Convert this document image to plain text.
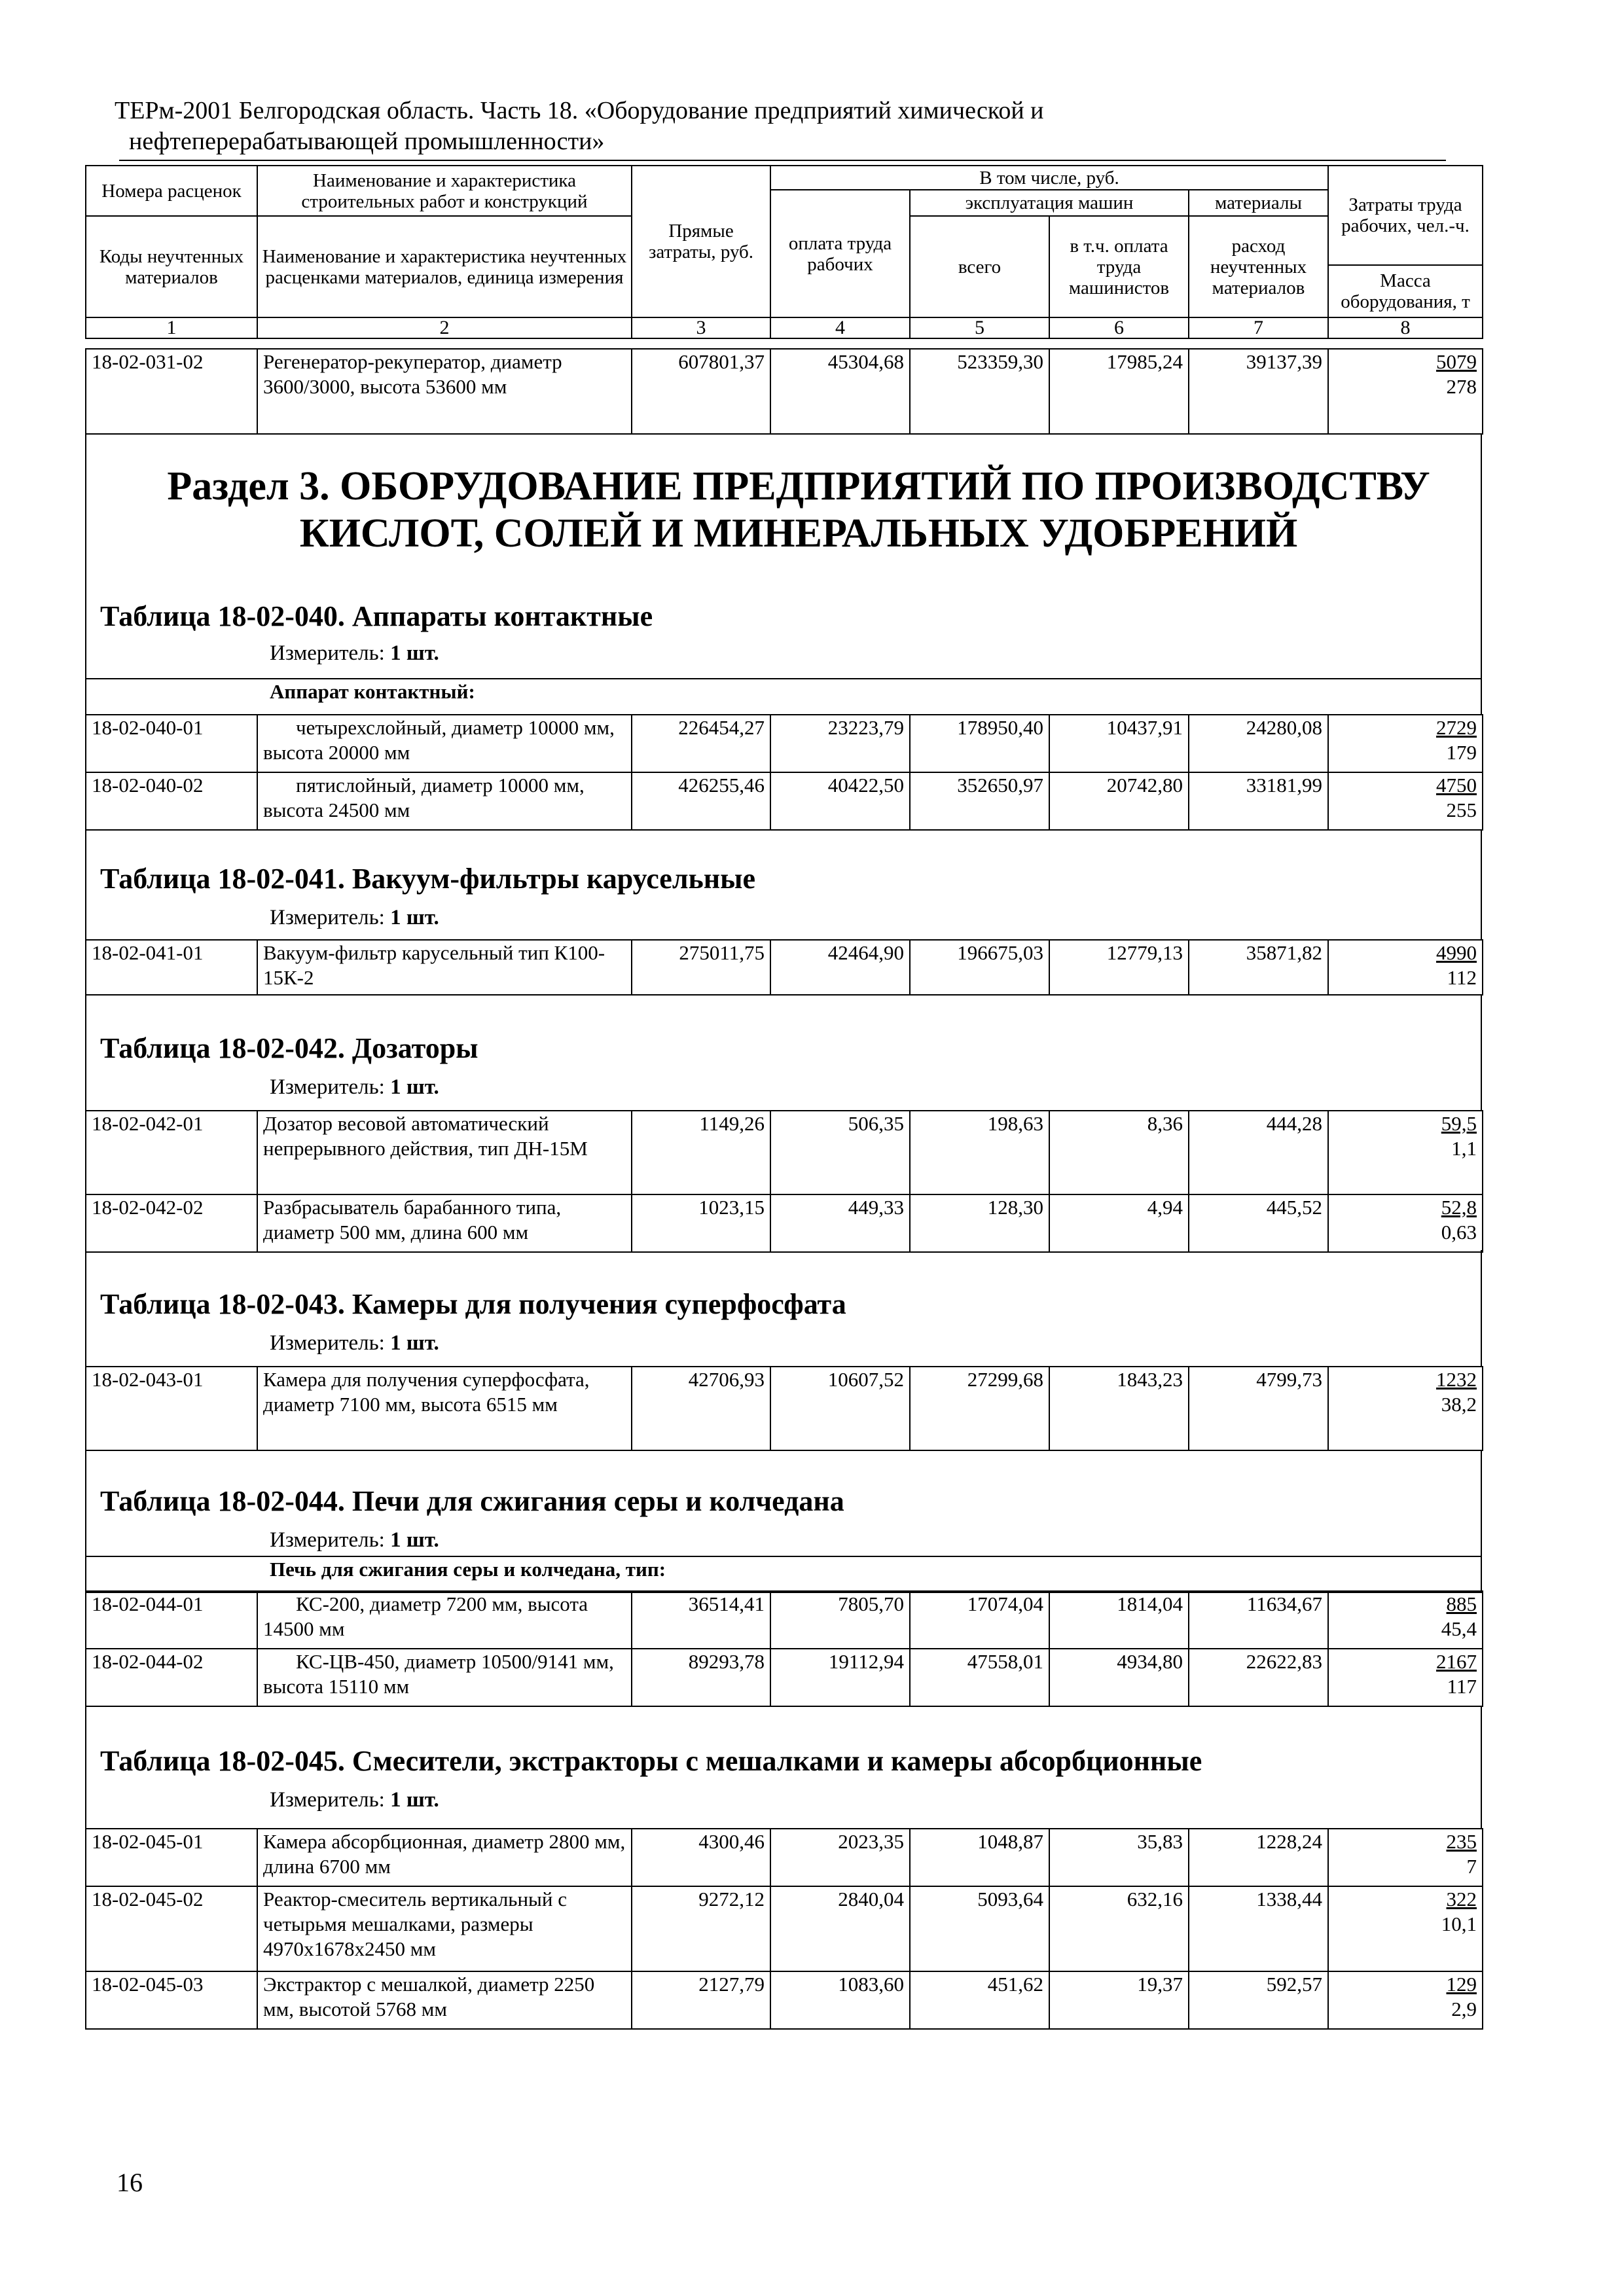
ТЕРм-2001 Белгородская область. Часть 18. «Оборудование предприятий химической и
нефтеперерабатывающей промышленности»
Номера расценок	Наименование и характеристика строительных работ и конструкций	Прямые затраты, руб.	В том числе, руб.				Затраты труда рабочих, чел.-ч.
			оплата труда рабочих	эксплуатация машин		материалы	
Коды неучтенных материалов	Наименование и характеристика неучтенных расценками материалов, единица измерения			всего	в т.ч. оплата труда машинистов	расход неучтенных материалов	
							Масса оборудования, т
1	2	3	4	5	6	7	8
18-02-031-02	Регенератор-рекуператор, диаметр 3600/3000, высота 53600 мм	607801,37	45304,68	523359,30	17985,24	39137,39	5079
278
Раздел 3. ОБОРУДОВАНИЕ ПРЕДПРИЯТИЙ ПО ПРОИЗВОДСТВУ
КИСЛОТ, СОЛЕЙ И МИНЕРАЛЬНЫХ УДОБРЕНИЙ
Таблица 18-02-040. Аппараты контактные
Измеритель: 1 шт.
Аппарат контактный:
18-02-040-01	четырехслойный, диаметр 10000 мм, высота 20000 мм	226454,27	23223,79	178950,40	10437,91	24280,08	2729
179
18-02-040-02	пятислойный, диаметр 10000 мм, высота 24500 мм	426255,46	40422,50	352650,97	20742,80	33181,99	4750
255
Таблица 18-02-041. Вакуум-фильтры карусельные
Измеритель: 1 шт.
18-02-041-01	Вакуум-фильтр карусельный тип К100-15К-2	275011,75	42464,90	196675,03	12779,13	35871,82	4990
112
Таблица 18-02-042. Дозаторы
Измеритель: 1 шт.
18-02-042-01	Дозатор весовой автоматический непрерывного действия, тип ДН-15М	1149,26	506,35	198,63	8,36	444,28	59,5
1,1
18-02-042-02	Разбрасыватель барабанного типа, диаметр 500 мм, длина 600 мм	1023,15	449,33	128,30	4,94	445,52	52,8
0,63
Таблица 18-02-043. Камеры для получения суперфосфата
Измеритель: 1 шт.
18-02-043-01	Камера для получения суперфосфата, диаметр 7100 мм, высота 6515 мм	42706,93	10607,52	27299,68	1843,23	4799,73	1232
38,2
Таблица 18-02-044. Печи для сжигания серы и колчедана
Измеритель: 1 шт.
Печь для сжигания серы и колчедана, тип:
18-02-044-01	КС-200, диаметр 7200 мм, высота 14500 мм	36514,41	7805,70	17074,04	1814,04	11634,67	885
45,4
18-02-044-02	КС-ЦВ-450, диаметр 10500/9141 мм, высота 15110 мм	89293,78	19112,94	47558,01	4934,80	22622,83	2167
117
Таблица 18-02-045. Смесители, экстракторы с мешалками и камеры абсорбционные
Измеритель: 1 шт.
18-02-045-01	Камера абсорбционная, диаметр 2800 мм, длина 6700 мм	4300,46	2023,35	1048,87	35,83	1228,24	235
7
18-02-045-02	Реактор-смеситель вертикальный с четырьмя мешалками, размеры 4970х1678х2450 мм	9272,12	2840,04	5093,64	632,16	1338,44	322
10,1
18-02-045-03	Экстрактор с мешалкой, диаметр 2250 мм, высотой 5768 мм	2127,79	1083,60	451,62	19,37	592,57	129
2,9
16
